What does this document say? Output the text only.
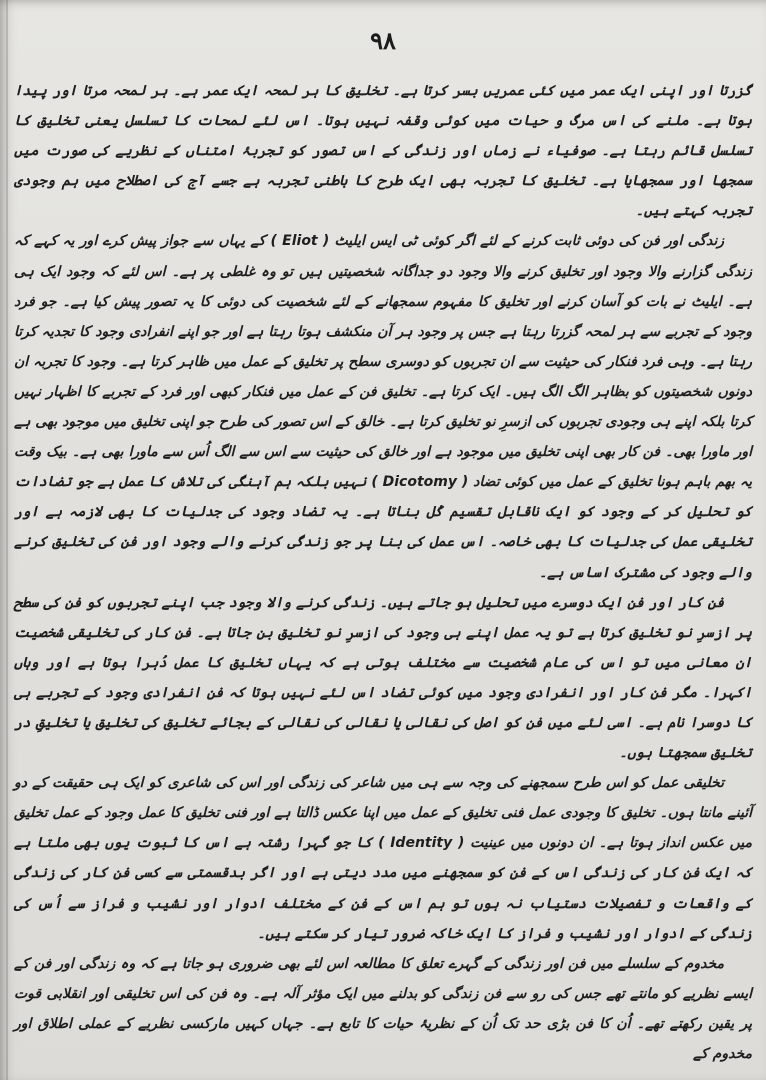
۹۸

گزرتا اور اپنی ایک عمر میں کئی عمریں بسر کرتا ہے۔ تخلیق کا ہر لمحہ ایک عمر ہے۔ ہر لمحہ مرتا اور پیدا ہوتا ہے۔ ملنے کی اس مرگ و حیات میں کوئی وقفہ نہیں ہوتا۔ اس لئے لمحات کا تسلسل یعنی تخلیق کا تسلسل قائم رہتا ہے۔ صوفیاء نے زماں اور زندگی کے اس تصور کو تجربۂ امتناں کے نظریے کی صورت میں سمجھا اور سمجھایا ہے۔ تخلیق کا تجربہ بھی ایک طرح کا باطنی تجربہ ہے جسے آج کی اصطلاح میں ہم وجودی تجربہ کہتے ہیں۔

زندگی اور فن کی دوئی ثابت کرنے کے لئے اگر کوئی ٹی ایس ایلیٹ ( Eliot ) کے یہاں سے جواز پیش کرے اور یہ کہے کہ زندگی گزارنے والا وجود اور تخلیق کرنے والا وجود دو جداگانہ شخصیتیں ہیں تو وہ غلطی پر ہے۔ اس لئے کہ وجود ایک ہی ہے۔ ایلیٹ نے بات کو آسان کرنے اور تخلیق کا مفہوم سمجھانے کے لئے شخصیت کی دوئی کا یہ تصور پیش کیا ہے۔ جو فرد وجود کے تجربے سے ہر لمحہ گزرتا رہتا ہے جس پر وجود ہر آن منکشف ہوتا رہتا ہے اور جو اپنے انفرادی وجود کا تجدیہ کرتا رہتا ہے۔ وہی فرد فنکار کی حیثیت سے ان تجربوں کو دوسری سطح پر تخلیق کے عمل میں ظاہر کرتا ہے۔ وجود کا تجربہ ان دونوں شخصیتوں کو بظاہر الگ الگ ہیں۔ ایک کرتا ہے۔ تخلیق فن کے عمل میں فنکار کبھی اور فرد کے تجربے کا اظہار نہیں کرتا بلکہ اپنے ہی وجودی تجربوں کی ازسرِ نو تخلیق کرتا ہے۔ خالق کے اس تصور کی طرح جو اپنی تخلیق میں موجود بھی ہے اور ماورا بھی۔ فن کار بھی اپنی تخلیق میں موجود ہے اور خالق کی حیثیت سے اس سے الگ اُس سے ماورا بھی ہے۔ بیک وقت یہ بھم باہم ہونا تخلیق کے عمل میں کوئی تضاد ( Dicotomy ) نہیں بلکہ ہم آہنگی کی تلاش کا عمل ہے جو تضادات کو تحلیل کر کے وجود کو ایک ناقابل تقسیم کُل بناتا ہے۔ یہ تضاد وجود کی جدلیات کا بھی لازمہ ہے اور تخلیقی عمل کی جدلیات کا بھی خاصہ۔ اس عمل کی بنا پر جو زندگی کرنے والے وجود اور فن کی تخلیق کرنے والے وجود کی مشترک اساس ہے۔

فن کار اور فن ایک دوسرے میں تحلیل ہو جاتے ہیں۔ زندگی کرنے والا وجود جب اپنے تجربوں کو فن کی سطح پر ازسرِ نو تخلیق کرتا ہے تو یہ عمل اپنے ہی وجود کی ازسرِ نو تخلیق بن جاتا ہے۔ فن کار کی تخلیقی شخصیت ان معانی میں تو اس کی عام شخصیت سے مختلف ہوتی ہے کہ یہاں تخلیق کا عمل دُہرا ہوتا ہے اور وہاں اکہرا۔ مگر فن کار اور انفرادی وجود میں کوئی تضاد اس لئے نہیں ہوتا کہ فن انفرادی وجود کے تجربے ہی کا دوسرا نام ہے۔ اسی لئے میں فن کو اصل کی نقالی یا نقالی کی نقالی کے بجائے تخلیق کی تخلیق یا تخلیقِ در تخلیق سمجھتا ہوں۔

تخلیقی عمل کو اس طرح سمجھنے کی وجہ سے ہی میں شاعر کی زندگی اور اس کی شاعری کو ایک ہی حقیقت کے دو آئینے مانتا ہوں۔ تخلیق کا وجودی عمل فنی تخلیق کے عمل میں اپنا عکس ڈالتا ہے اور فنی تخلیق کا عمل وجود کے عمل تخلیق میں عکس انداز ہوتا ہے۔ ان دونوں میں عینیت ( Identity ) کا جو گہرا رشتہ ہے اس کا ثبوت یوں بھی ملتا ہے کہ ایک فن کار کی زندگی اس کے فن کو سمجھنے میں مدد دیتی ہے اور اگر بدقسمتی سے کسی فن کار کی زندگی کے واقعات و تفصیلات دستیاب نہ ہوں تو ہم اس کے فن کے مختلف ادوار اور نشیب و فراز سے اُس کی زندگی کے ادوار اور نشیب و فراز کا ایک خاکہ ضرور تیار کر سکتے ہیں۔

مخدوم کے سلسلے میں فن اور زندگی کے گہرے تعلق کا مطالعہ اس لئے بھی ضروری ہو جاتا ہے کہ وہ زندگی اور فن کے ایسے نظریے کو مانتے تھے جس کی رو سے فن زندگی کو بدلنے میں ایک مؤثر آلہ ہے۔ وہ فن کی اس تخلیقی اور انقلابی قوت پر یقین رکھتے تھے۔ اُن کا فن بڑی حد تک اُن کے نظریۂ حیات کا تابع ہے۔ جہاں کہیں مارکسی نظریے کے عملی اطلاق اور مخدوم کے
